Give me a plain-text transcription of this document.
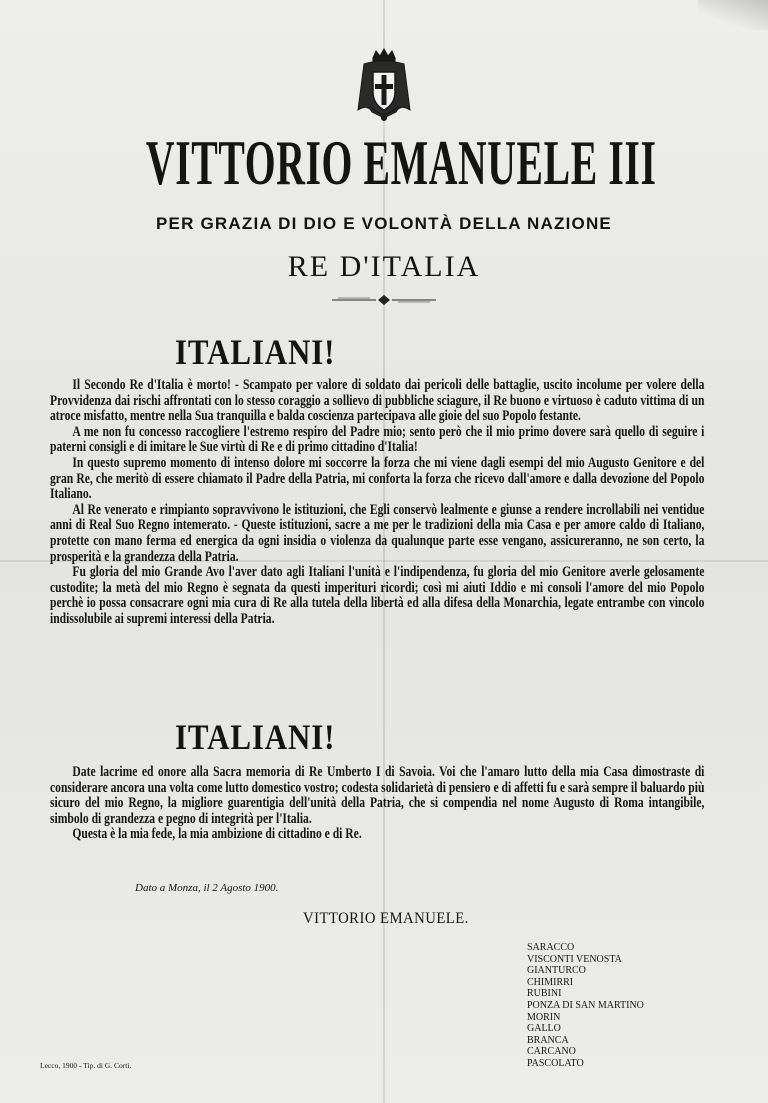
VITTORIO EMANUELE III
PER GRAZIA DI DIO E VOLONTÀ DELLA NAZIONE
RE D'ITALIA
ITALIANI!

Il Secondo Re d'Italia è morto! - Scampato per valore di soldato dai pericoli delle battaglie, uscito incolume per volere della Provvidenza dai rischi affrontati con lo stesso coraggio a sollievo di pubbliche sciagure, il Re buono e virtuoso è caduto vittima di un atroce misfatto, mentre nella Sua tranquilla e balda coscienza partecipava alle gioie del suo Popolo festante.

A me non fu concesso raccogliere l'estremo respiro del Padre mio; sento però che il mio primo dovere sarà quello di seguire i paterni consigli e di imitare le Sue virtù di Re e di primo cittadino d'Italia!

In questo supremo momento di intenso dolore mi soccorre la forza che mi viene dagli esempi del mio Augusto Genitore e del gran Re, che meritò di essere chiamato il Padre della Patria, mi conforta la forza che ricevo dall'amore e dalla devozione del Popolo Italiano.

Al Re venerato e rimpianto sopravvivono le istituzioni, che Egli conservò lealmente e giunse a rendere incrollabili nei ventidue anni di Real Suo Regno intemerato. - Queste istituzioni, sacre a me per le tradizioni della mia Casa e per amore caldo di Italiano, protette con mano ferma ed energica da ogni insidia o violenza da qualunque parte esse vengano, assicureranno, ne son certo, la prosperità e la grandezza della Patria.

Fu gloria del mio Grande Avo l'aver dato agli Italiani l'unità e l'indipendenza, fu gloria del mio Genitore averle gelosamente custodite; la metà del mio Regno è segnata da questi imperituri ricordi; così mi aiuti Iddio e mi consoli l'amore del mio Popolo perchè io possa consacrare ogni mia cura di Re alla tutela della libertà ed alla difesa della Monarchia, legate entrambe con vincolo indissolubile ai supremi interessi della Patria.

ITALIANI!

Date lacrime ed onore alla Sacra memoria di Re Umberto I di Savoia. Voi che l'amaro lutto della mia Casa dimostraste di considerare ancora una volta come lutto domestico vostro; codesta solidarietà di pensiero e di affetti fu e sarà sempre il baluardo più sicuro del mio Regno, la migliore guarentigia dell'unità della Patria, che si compendia nel nome Augusto di Roma intangibile, simbolo di grandezza e pegno di integrità per l'Italia.

Questa è la mia fede, la mia ambizione di cittadino e di Re.

Dato a Monza, il 2 Agosto 1900.
VITTORIO EMANUELE.
SARACCO
VISCONTI VENOSTA
GIANTURCO
CHIMIRRI
RUBINI
PONZA DI SAN MARTINO
MORIN
GALLO
BRANCA
CARCANO
PASCOLATO
Lecco, 1900 - Tip. di G. Corti.
